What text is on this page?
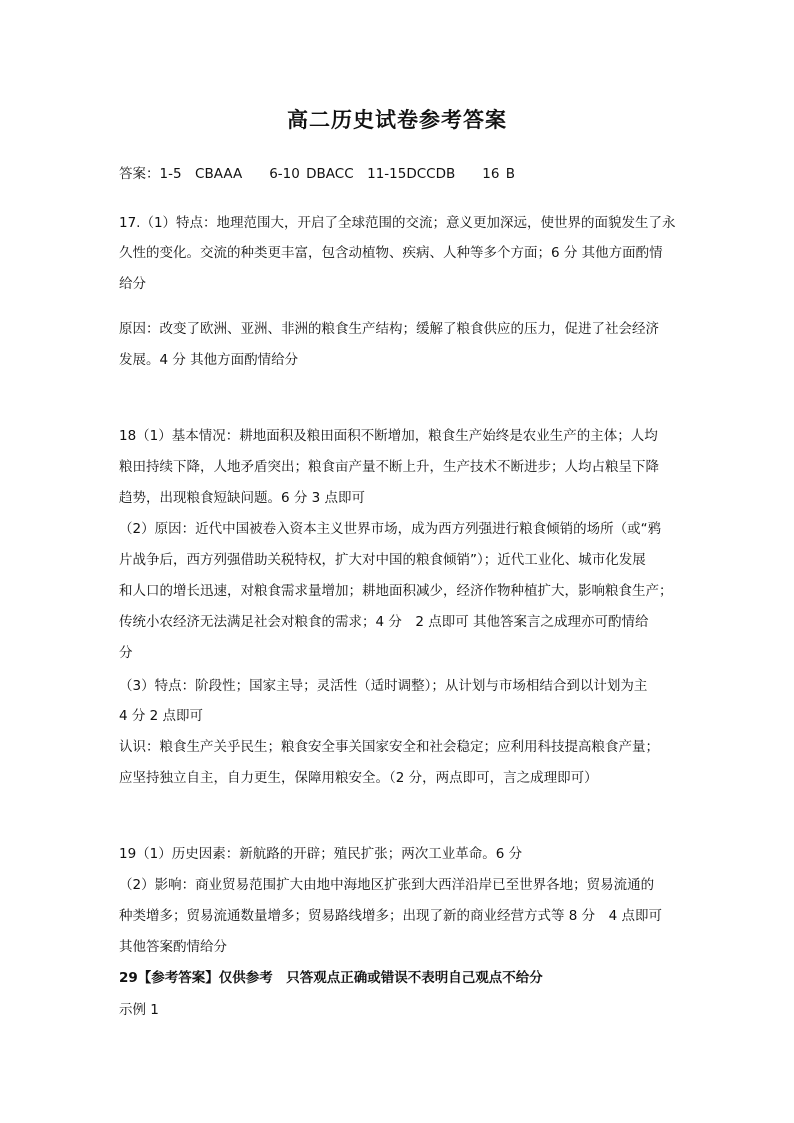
高二历史试卷参考答案
答案：1-5　CBAAA　　6-10 DBACC　11-15DCCDB　　16 B
17.（1）特点：地理范围大，开启了全球范围的交流；意义更加深远，使世界的面貌发生了永
久性的变化。交流的种类更丰富，包含动植物、疾病、人种等多个方面；6 分 其他方面酌情
给分
原因：改变了欧洲、亚洲、非洲的粮食生产结构；缓解了粮食供应的压力，促进了社会经济
发展。4 分 其他方面酌情给分
18（1）基本情况：耕地面积及粮田面积不断增加，粮食生产始终是农业生产的主体；人均
粮田持续下降，人地矛盾突出；粮食亩产量不断上升，生产技术不断进步；人均占粮呈下降
趋势，出现粮食短缺问题。6 分 3 点即可
（2）原因：近代中国被卷入资本主义世界市场，成为西方列强进行粮食倾销的场所（或“鸦
片战争后，西方列强借助关税特权，扩大对中国的粮食倾销”）；近代工业化、城市化发展
和人口的增长迅速，对粮食需求量增加；耕地面积减少，经济作物种植扩大，影响粮食生产；
传统小农经济无法满足社会对粮食的需求；4 分　2 点即可 其他答案言之成理亦可酌情给
分
（3）特点：阶段性；国家主导；灵活性（适时调整）；从计划与市场相结合到以计划为主
4 分 2 点即可
认识：粮食生产关乎民生；粮食安全事关国家安全和社会稳定；应利用科技提高粮食产量；
应坚持独立自主，自力更生，保障用粮安全。（2 分，两点即可，言之成理即可）
19（1）历史因素：新航路的开辟；殖民扩张；两次工业革命。6 分
（2）影响：商业贸易范围扩大由地中海地区扩张到大西洋沿岸已至世界各地；贸易流通的
种类增多；贸易流通数量增多；贸易路线增多；出现了新的商业经营方式等 8 分　4 点即可
其他答案酌情给分
29【参考答案】仅供参考　只答观点正确或错误不表明自己观点不给分
示例 1
